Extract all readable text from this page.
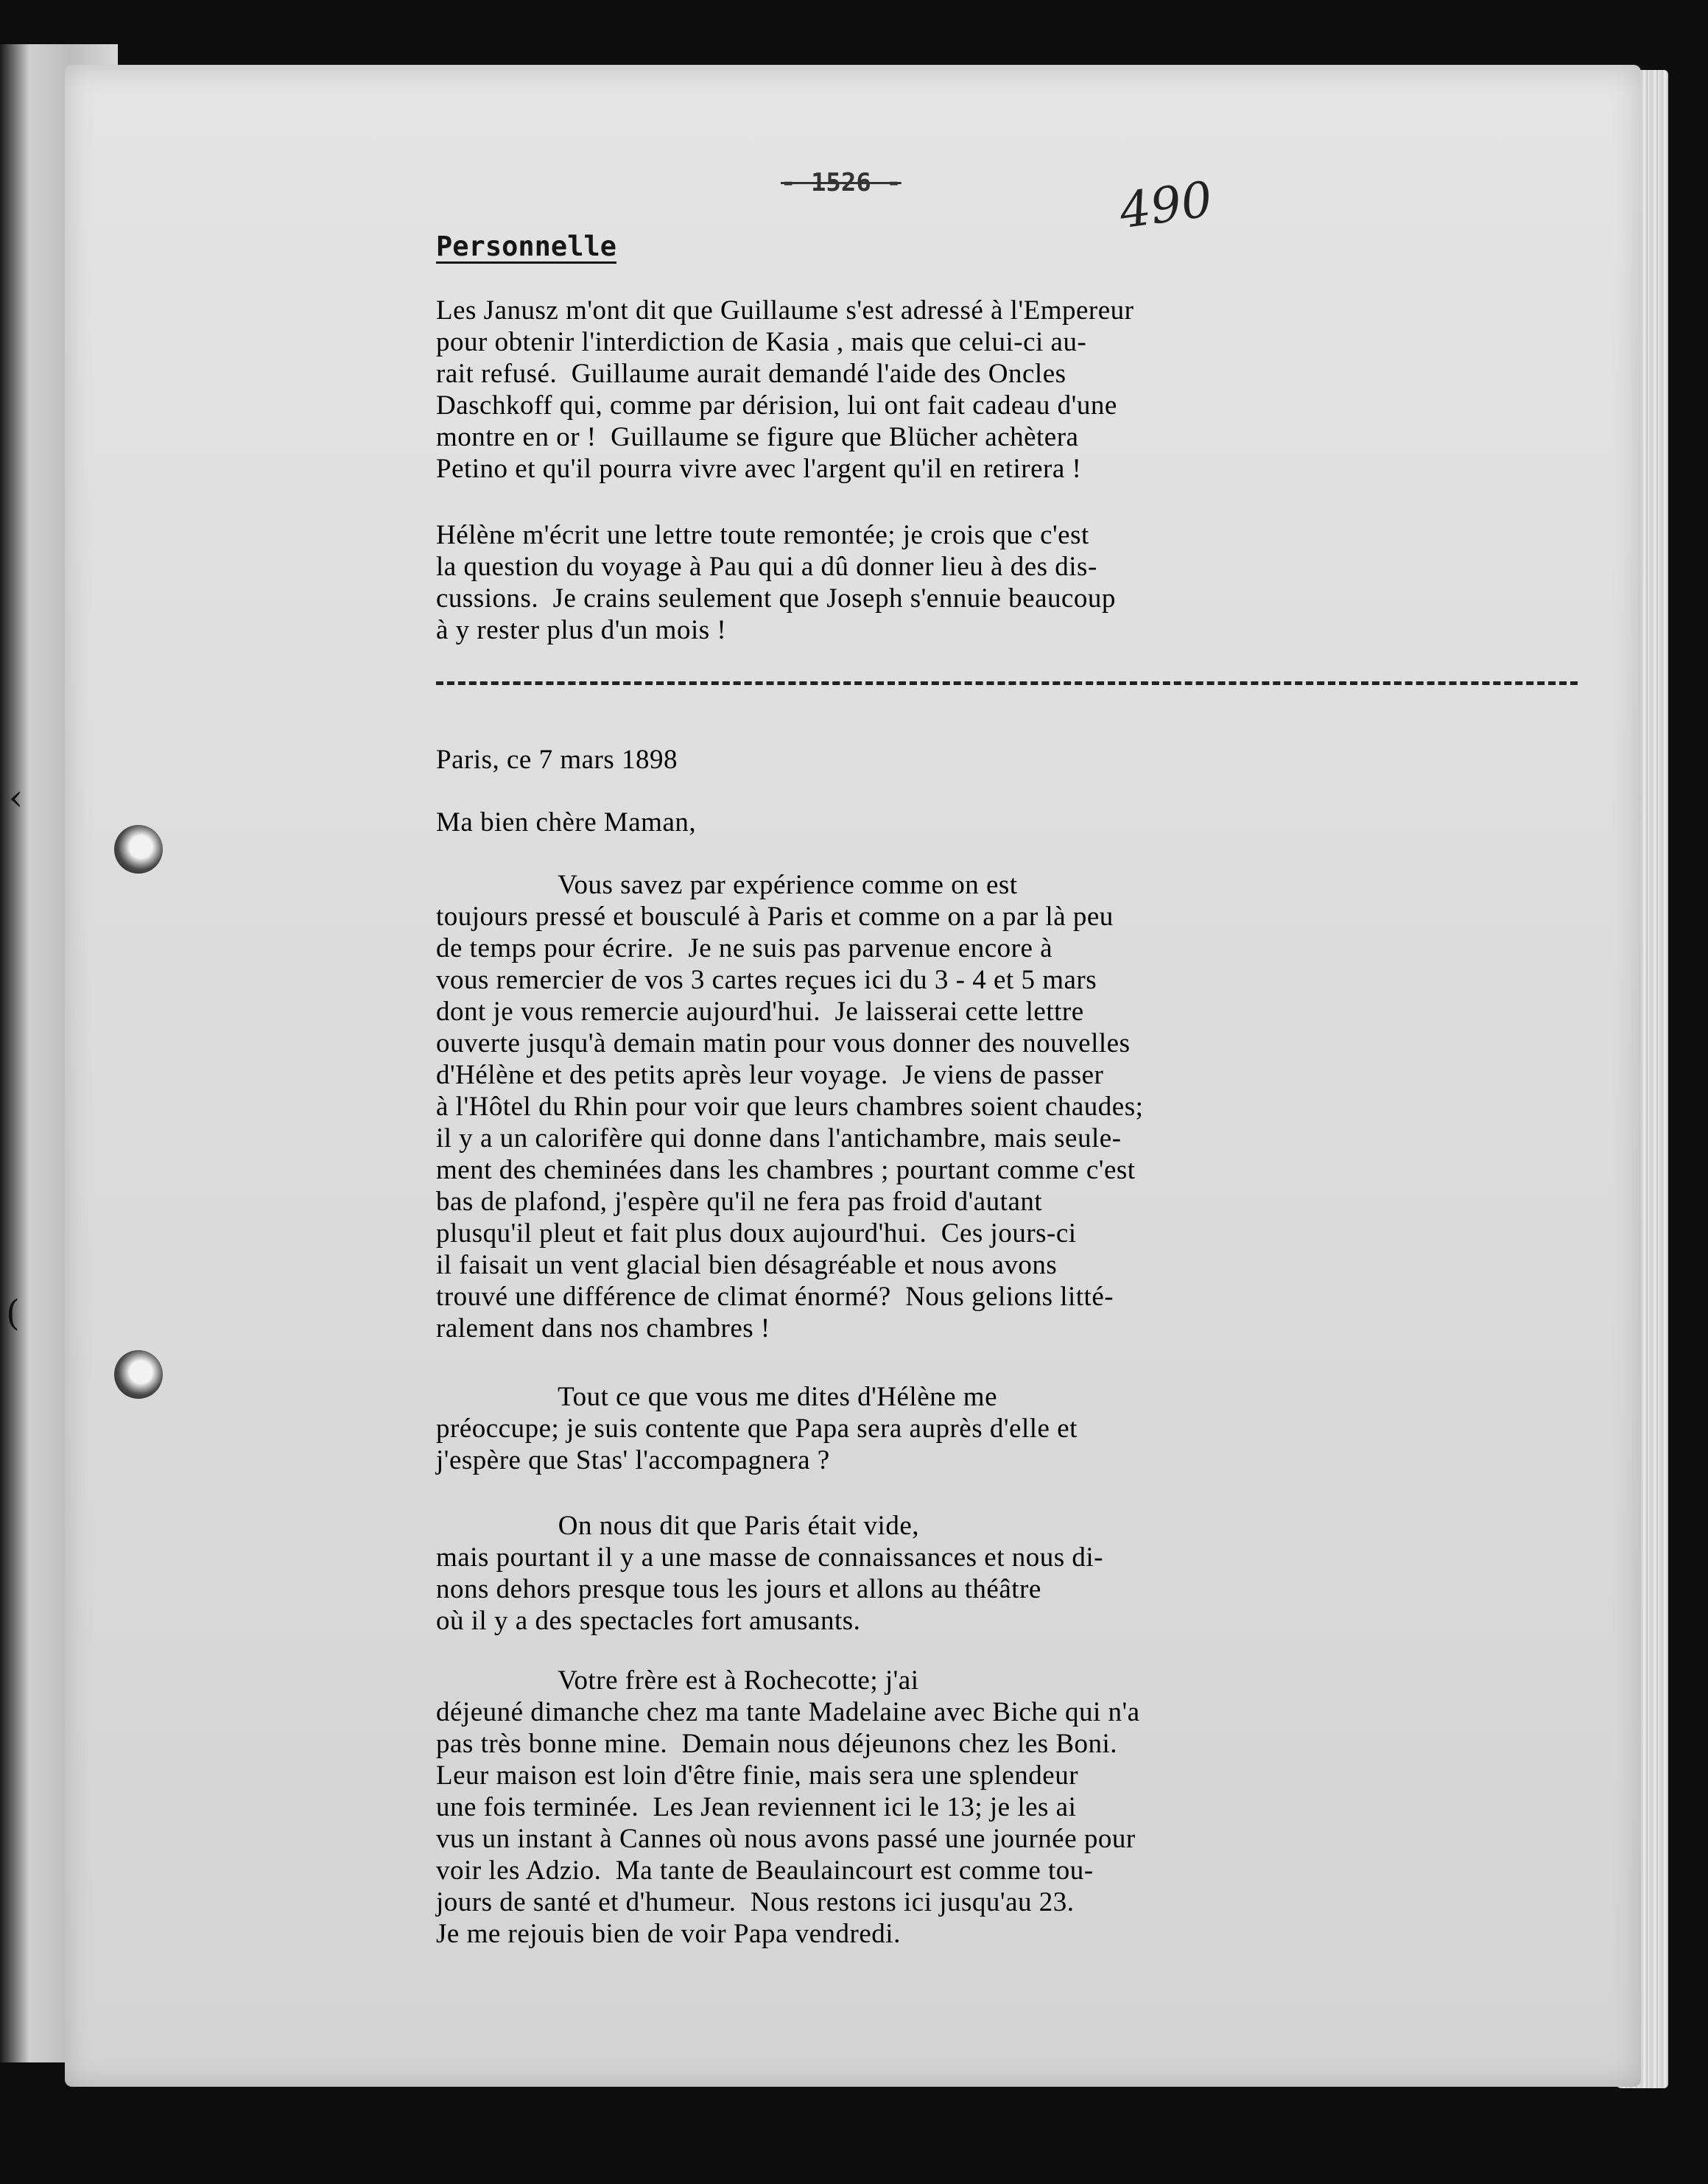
‹
(
- 1526 -	490
Personnelle
Les Janusz m'ont dit que Guillaume s'est adressé à l'Empereur
pour obtenir l'interdiction de Kasia , mais que celui-ci au-
rait refusé.  Guillaume aurait demandé l'aide des Oncles
Daschkoff qui, comme par dérision, lui ont fait cadeau d'une
montre en or !  Guillaume se figure que Blücher achètera
Petino et qu'il pourra vivre avec l'argent qu'il en retirera !
Hélène m'écrit une lettre toute remontée; je crois que c'est
la question du voyage à Pau qui a dû donner lieu à des dis-
cussions.  Je crains seulement que Joseph s'ennuie beaucoup
à y rester plus d'un mois !
Paris, ce 7 mars 1898
Ma bien chère Maman,
Vous savez par expérience comme on est
toujours pressé et bousculé à Paris et comme on a par là peu
de temps pour écrire.  Je ne suis pas parvenue encore à
vous remercier de vos 3 cartes reçues ici du 3 - 4 et 5 mars
dont je vous remercie aujourd'hui.  Je laisserai cette lettre
ouverte jusqu'à demain matin pour vous donner des nouvelles
d'Hélène et des petits après leur voyage.  Je viens de passer
à l'Hôtel du Rhin pour voir que leurs chambres soient chaudes;
il y a un calorifère qui donne dans l'antichambre, mais seule-
ment des cheminées dans les chambres ; pourtant comme c'est
bas de plafond, j'espère qu'il ne fera pas froid d'autant
plusqu'il pleut et fait plus doux aujourd'hui.  Ces jours-ci
il faisait un vent glacial bien désagréable et nous avons
trouvé une différence de climat énormé?  Nous gelions litté-
ralement dans nos chambres !
Tout ce que vous me dites d'Hélène me
préoccupe; je suis contente que Papa sera auprès d'elle et
j'espère que Stas' l'accompagnera ?
On nous dit que Paris était vide,
mais pourtant il y a une masse de connaissances et nous di-
nons dehors presque tous les jours et allons au théâtre
où il y a des spectacles fort amusants.
Votre frère est à Rochecotte; j'ai
déjeuné dimanche chez ma tante Madelaine avec Biche qui n'a
pas très bonne mine.  Demain nous déjeunons chez les Boni.
Leur maison est loin d'être finie, mais sera une splendeur
une fois terminée.  Les Jean reviennent ici le 13; je les ai
vus un instant à Cannes où nous avons passé une journée pour
voir les Adzio.  Ma tante de Beaulaincourt est comme tou-
jours de santé et d'humeur.  Nous restons ici jusqu'au 23.
Je me rejouis bien de voir Papa vendredi.
